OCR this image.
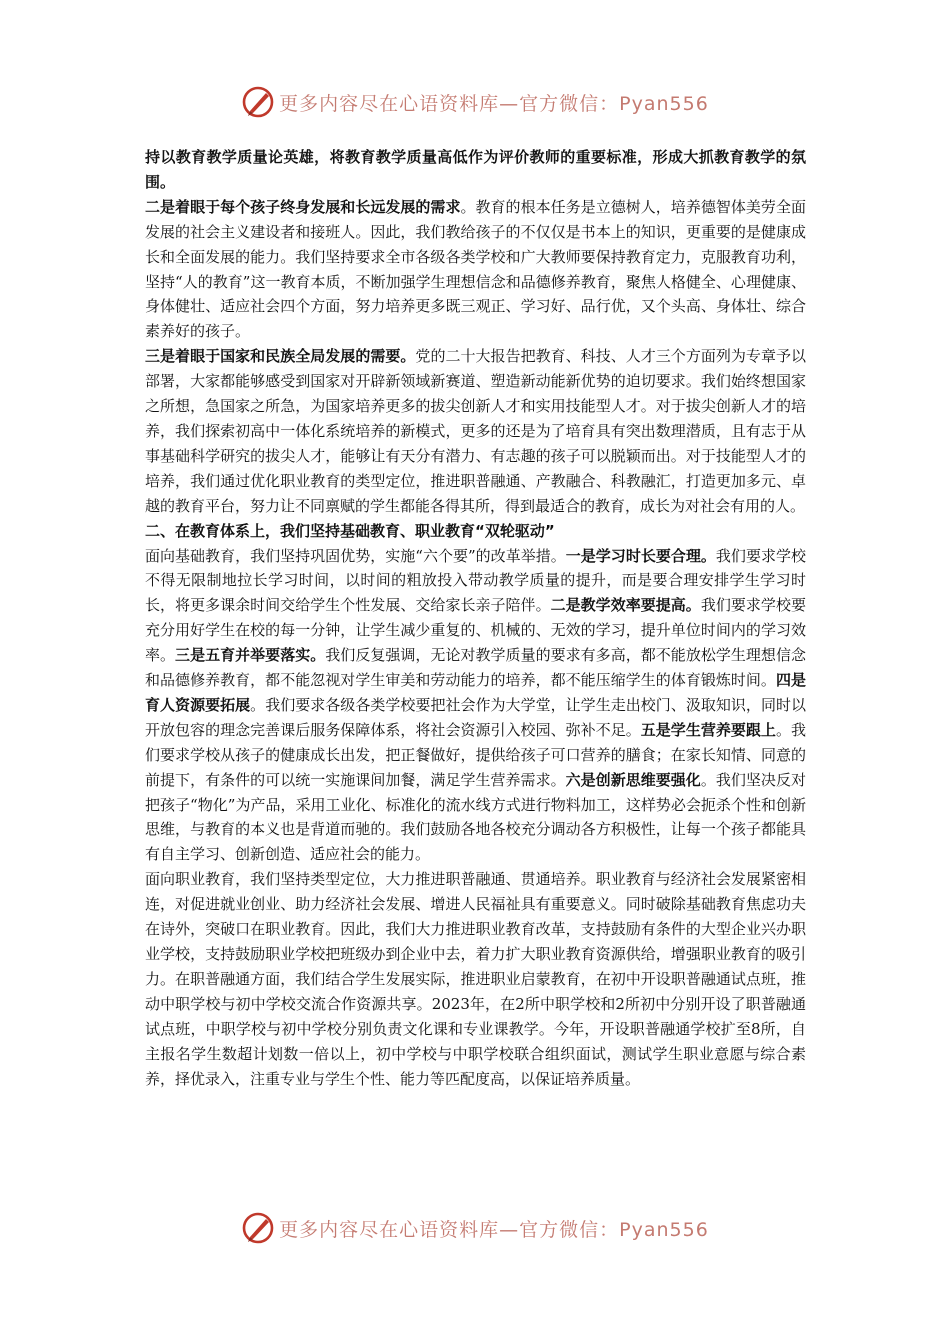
更多内容尽在心语资料库—官方微信：Pyan556

持以教育教学质量论英雄，将教育教学质量高低作为评价教师的重要标准，形成大抓教育教学的氛围。

二是着眼于每个孩子终身发展和长远发展的需求。教育的根本任务是立德树人，培养德智体美劳全面发展的社会主义建设者和接班人。因此，我们教给孩子的不仅仅是书本上的知识，更重要的是健康成长和全面发展的能力。我们坚持要求全市各级各类学校和广大教师要保持教育定力，克服教育功利，坚持“人的教育”这一教育本质，不断加强学生理想信念和品德修养教育，聚焦人格健全、心理健康、身体健壮、适应社会四个方面，努力培养更多既三观正、学习好、品行优，又个头高、身体壮、综合素养好的孩子。

三是着眼于国家和民族全局发展的需要。党的二十大报告把教育、科技、人才三个方面列为专章予以部署，大家都能够感受到国家对开辟新领域新赛道、塑造新动能新优势的迫切要求。我们始终想国家之所想，急国家之所急，为国家培养更多的拔尖创新人才和实用技能型人才。对于拔尖创新人才的培养，我们探索初高中一体化系统培养的新模式，更多的还是为了培育具有突出数理潜质，且有志于从事基础科学研究的拔尖人才，能够让有天分有潜力、有志趣的孩子可以脱颖而出。对于技能型人才的培养，我们通过优化职业教育的类型定位，推进职普融通、产教融合、科教融汇，打造更加多元、卓越的教育平台，努力让不同禀赋的学生都能各得其所，得到最适合的教育，成长为对社会有用的人。

二、在教育体系上，我们坚持基础教育、职业教育“双轮驱动”

面向基础教育，我们坚持巩固优势，实施“六个要”的改革举措。一是学习时长要合理。我们要求学校不得无限制地拉长学习时间，以时间的粗放投入带动教学质量的提升，而是要合理安排学生学习时长，将更多课余时间交给学生个性发展、交给家长亲子陪伴。二是教学效率要提高。我们要求学校要充分用好学生在校的每一分钟，让学生减少重复的、机械的、无效的学习，提升单位时间内的学习效率。三是五育并举要落实。我们反复强调，无论对教学质量的要求有多高，都不能放松学生理想信念和品德修养教育，都不能忽视对学生审美和劳动能力的培养，都不能压缩学生的体育锻炼时间。四是育人资源要拓展。我们要求各级各类学校要把社会作为大学堂，让学生走出校门、汲取知识，同时以开放包容的理念完善课后服务保障体系，将社会资源引入校园、弥补不足。五是学生营养要跟上。我们要求学校从孩子的健康成长出发，把正餐做好，提供给孩子可口营养的膳食；在家长知情、同意的前提下，有条件的可以统一实施课间加餐，满足学生营养需求。六是创新思维要强化。我们坚决反对把孩子“物化”为产品，采用工业化、标准化的流水线方式进行物料加工，这样势必会扼杀个性和创新思维，与教育的本义也是背道而驰的。我们鼓励各地各校充分调动各方积极性，让每一个孩子都能具有自主学习、创新创造、适应社会的能力。

面向职业教育，我们坚持类型定位，大力推进职普融通、贯通培养。职业教育与经济社会发展紧密相连，对促进就业创业、助力经济社会发展、增进人民福祉具有重要意义。同时破除基础教育焦虑功夫在诗外，突破口在职业教育。因此，我们大力推进职业教育改革，支持鼓励有条件的大型企业兴办职业学校，支持鼓励职业学校把班级办到企业中去，着力扩大职业教育资源供给，增强职业教育的吸引力。在职普融通方面，我们结合学生发展实际，推进职业启蒙教育，在初中开设职普融通试点班，推动中职学校与初中学校交流合作资源共享。2023年，在2所中职学校和2所初中分别开设了职普融通试点班，中职学校与初中学校分别负责文化课和专业课教学。今年，开设职普融通学校扩至8所，自主报名学生数超计划数一倍以上，初中学校与中职学校联合组织面试，测试学生职业意愿与综合素养，择优录入，注重专业与学生个性、能力等匹配度高，以保证培养质量。

更多内容尽在心语资料库—官方微信：Pyan556
